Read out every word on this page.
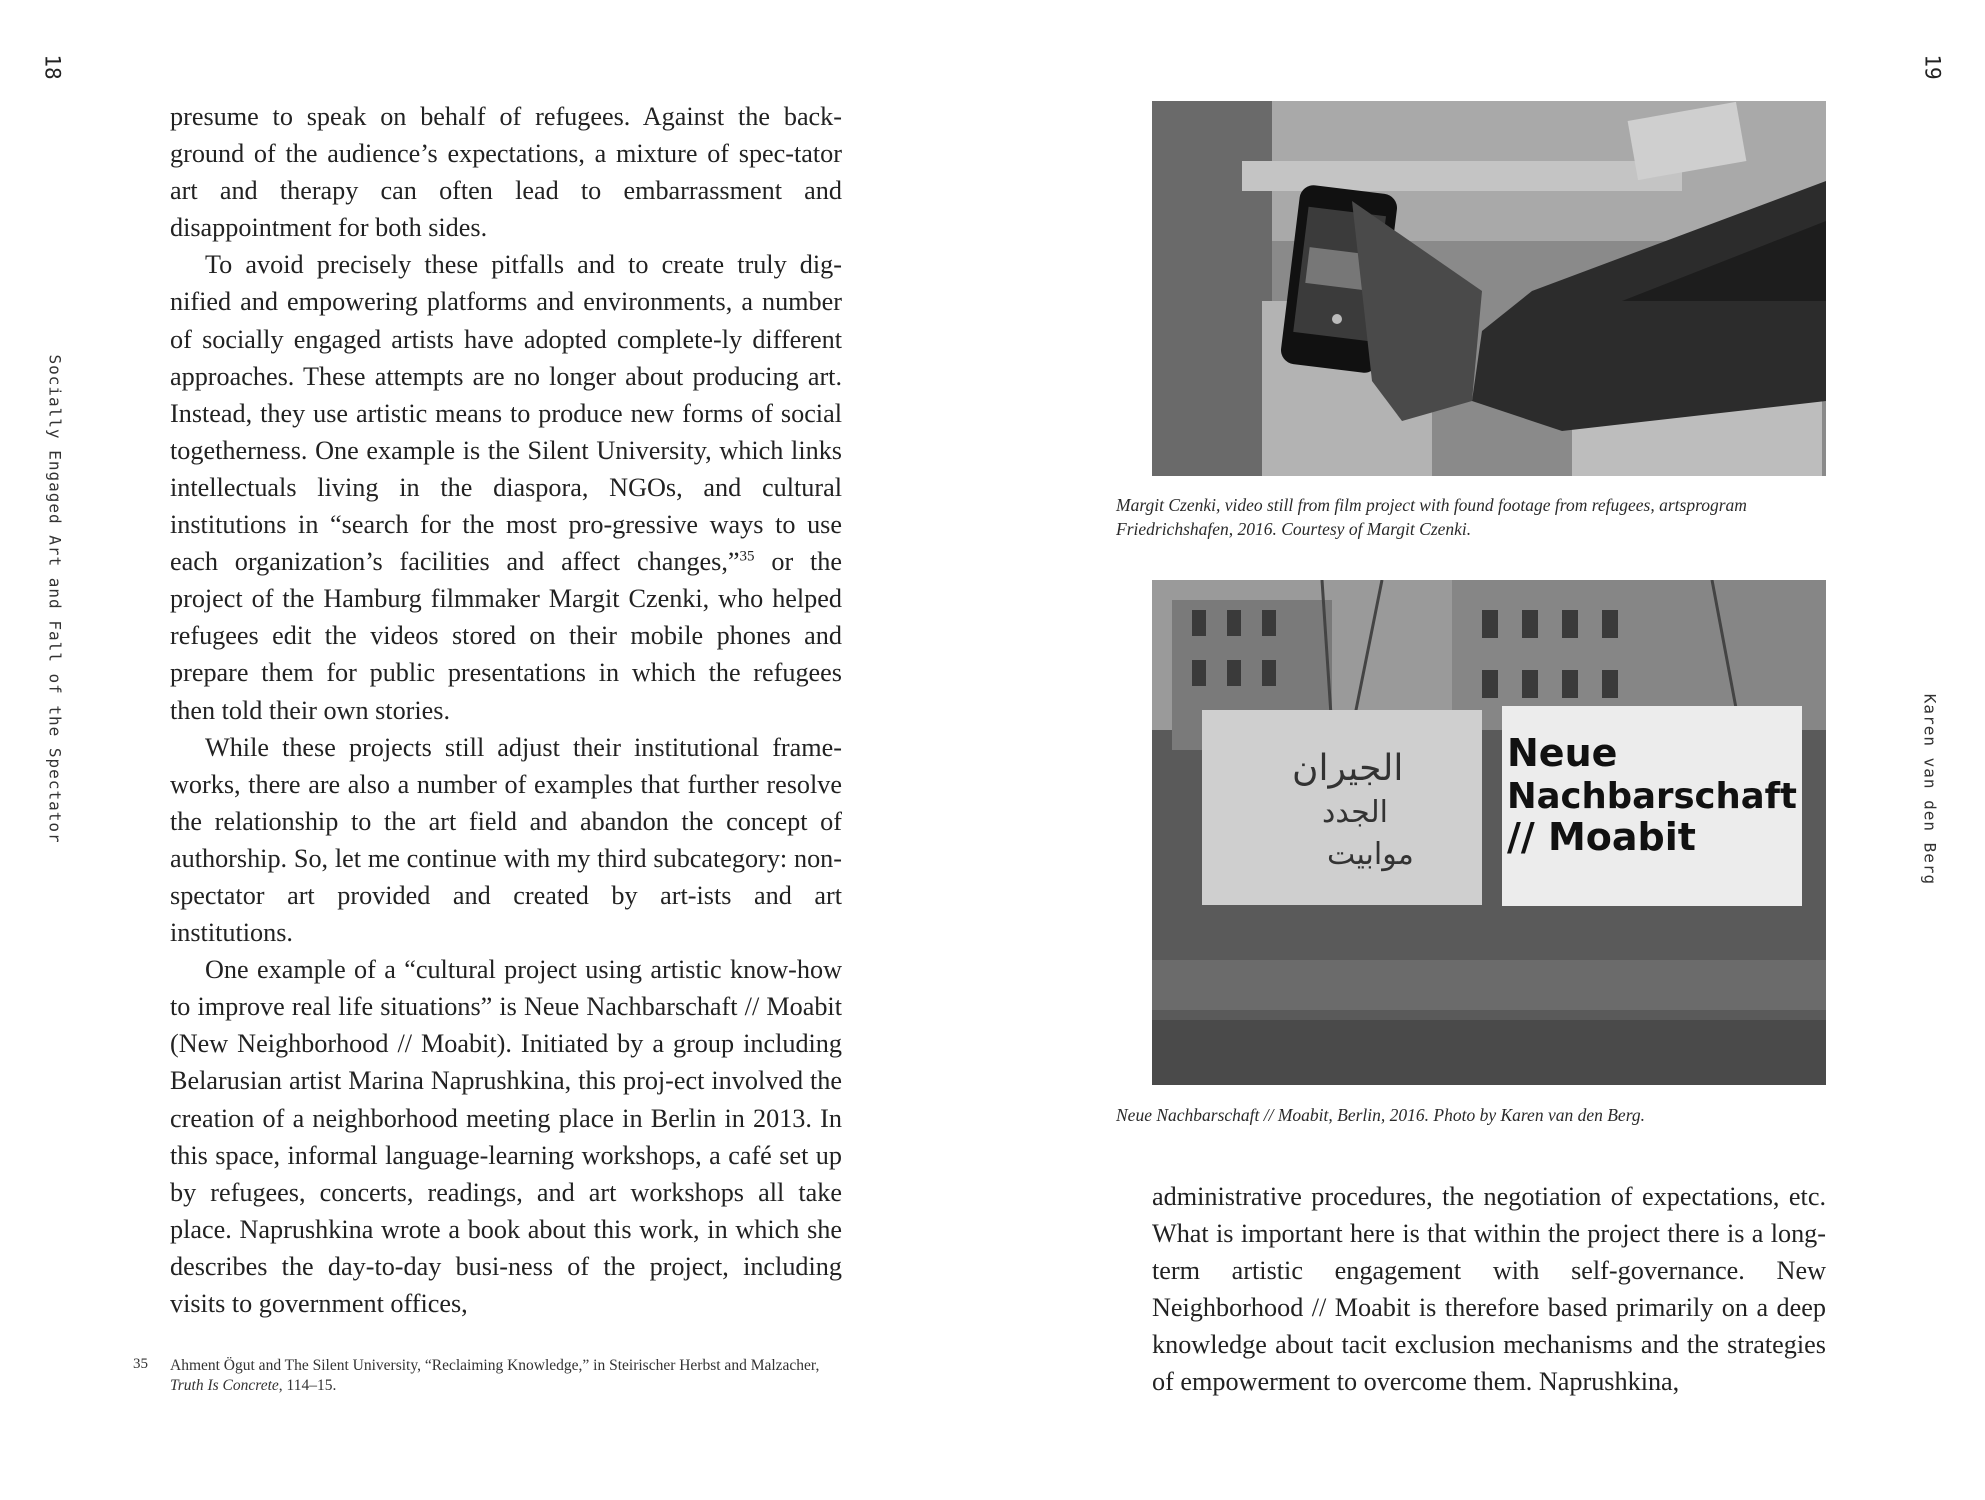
18
Socially Engaged Art and Fall of the Spectator

presume to speak on behalf of refugees. Against the back-ground of the audience’s expectations, a mixture of spec-tator art and therapy can often lead to embarrassment and disappointment for both sides.

To avoid precisely these pitfalls and to create truly dig-nified and empowering platforms and environments, a number of socially engaged artists have adopted complete-ly different approaches. These attempts are no longer about producing art. Instead, they use artistic means to produce new forms of social togetherness. One example is the Silent University, which links intellectuals living in the diaspora, NGOs, and cultural institutions in “search for the most pro-gressive ways to use each organization’s facilities and affect changes,”$^{35}$ or the project of the Hamburg filmmaker Margit Czenki, who helped refugees edit the videos stored on their mobile phones and prepare them for public presentations in which the refugees then told their own stories.

While these projects still adjust their institutional frame-works, there are also a number of examples that further resolve the relationship to the art field and abandon the concept of authorship. So, let me continue with my third subcategory: non-spectator art provided and created by art-ists and art institutions.

One example of a “cultural project using artistic know-how to improve real life situations” is Neue Nachbarschaft // Moabit (New Neighborhood // Moabit). Initiated by a group including Belarusian artist Marina Naprushkina, this proj-ect involved the creation of a neighborhood meeting place in Berlin in 2013. In this space, informal language-learning workshops, a café set up by refugees, concerts, readings, and art workshops all take place. Naprushkina wrote a book about this work, in which she describes the day-to-day busi-ness of the project, including visits to government offices,

35 Ahment Ögut and The Silent University, “Reclaiming Knowledge,” in Steirischer Herbst and Malzacher, Truth Is Concrete, 114–15.
19
Karen van den Berg
Margit Czenki, video still from film project with found footage from refugees, artsprogram Friedrichshafen, 2016. Courtesy of Margit Czenki.
الجيران
الجدد
موابيت
Neue
Nachbarschaft
// Moabit
Neue Nachbarschaft // Moabit, Berlin, 2016. Photo by Karen van den Berg.

administrative procedures, the negotiation of expectations, etc. What is important here is that within the project there is a long-term artistic engagement with self-governance. New Neighborhood // Moabit is therefore based primarily on a deep knowledge about tacit exclusion mechanisms and the strategies of empowerment to overcome them. Naprushkina,
